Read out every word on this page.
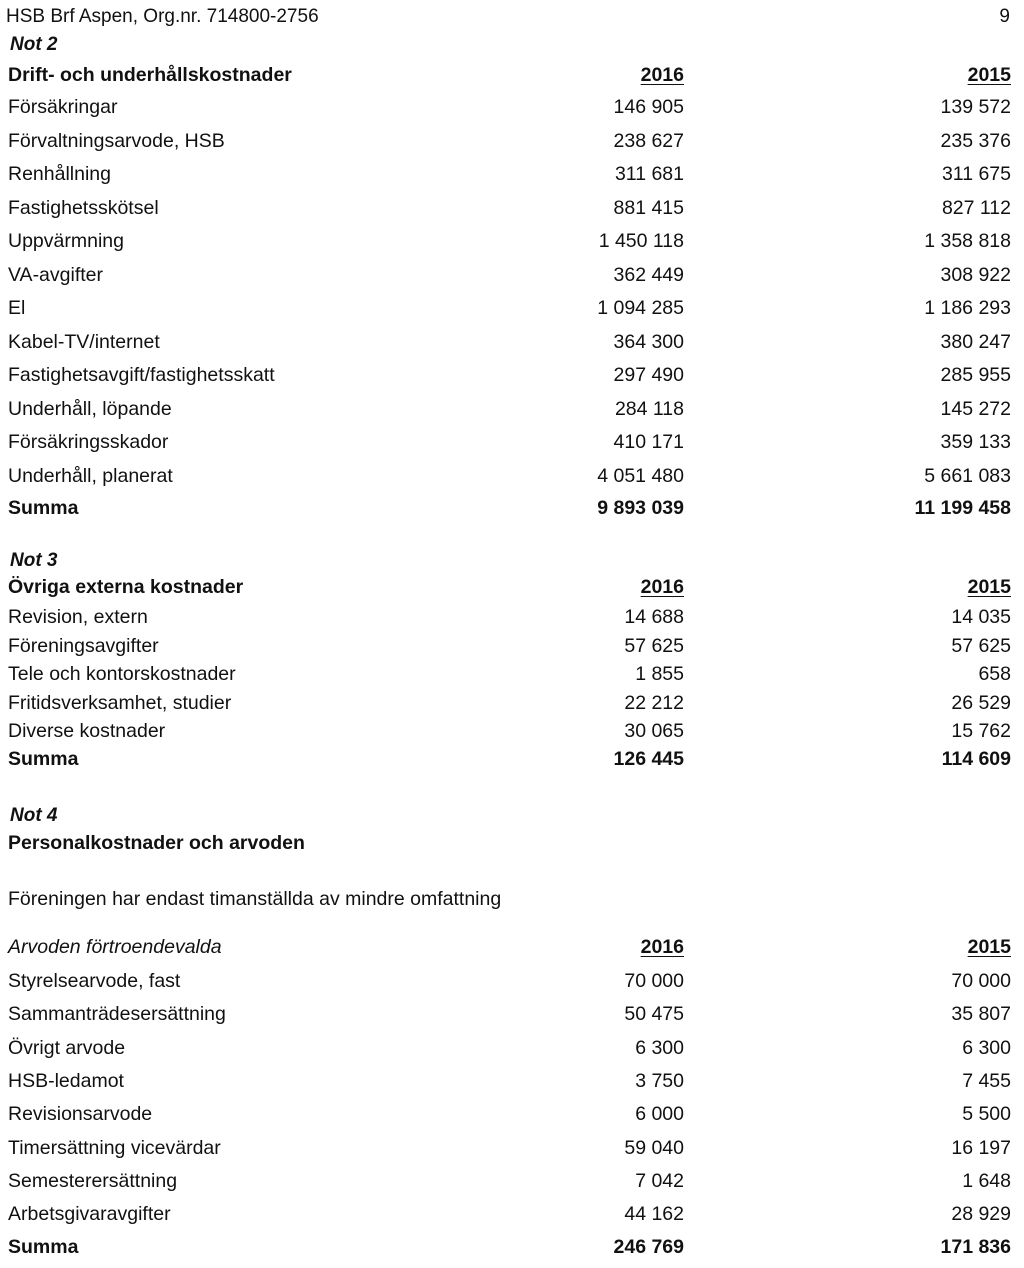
HSB Brf Aspen, Org.nr. 714800-2756	9
Not 2
Drift- och underhållskostnader	2016	2015
Försäkringar	146 905	139 572
Förvaltningsarvode, HSB	238 627	235 376
Renhållning	311 681	311 675
Fastighetsskötsel	881 415	827 112
Uppvärmning	1 450 118	1 358 818
VA-avgifter	362 449	308 922
El	1 094 285	1 186 293
Kabel-TV/internet	364 300	380 247
Fastighetsavgift/fastighetsskatt	297 490	285 955
Underhåll, löpande	284 118	145 272
Försäkringsskador	410 171	359 133
Underhåll, planerat	4 051 480	5 661 083
Summa	9 893 039	11 199 458
Not 3
Övriga externa kostnader	2016	2015
Revision, extern	14 688	14 035
Föreningsavgifter	57 625	57 625
Tele och kontorskostnader	1 855	658
Fritidsverksamhet, studier	22 212	26 529
Diverse kostnader	30 065	15 762
Summa	126 445	114 609
Not 4
Personalkostnader och arvoden
Föreningen har endast timanställda av mindre omfattning
Arvoden förtroendevalda	2016	2015
Styrelsearvode, fast	70 000	70 000
Sammanträdesersättning	50 475	35 807
Övrigt arvode	6 300	6 300
HSB-ledamot	3 750	7 455
Revisionsarvode	6 000	5 500
Timersättning vicevärdar	59 040	16 197
Semesterersättning	7 042	1 648
Arbetsgivaravgifter	44 162	28 929
Summa	246 769	171 836
